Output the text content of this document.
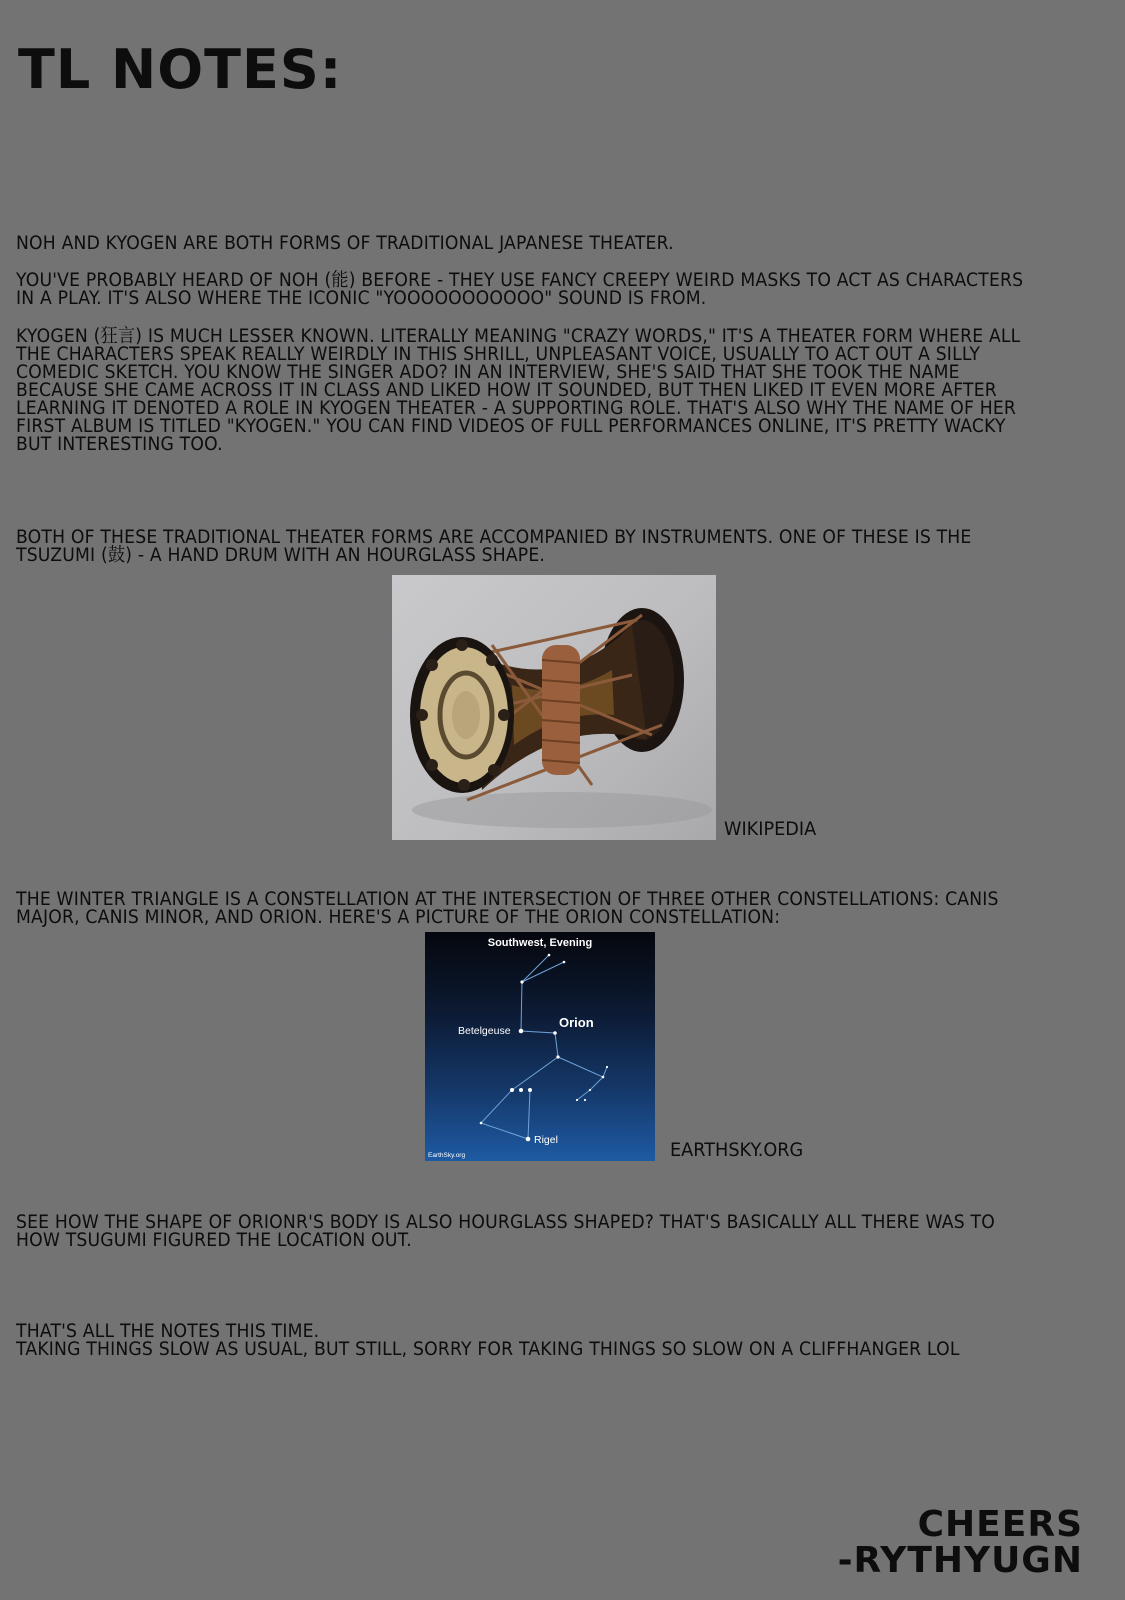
TL NOTES:

NOH AND KYOGEN ARE BOTH FORMS OF TRADITIONAL JAPANESE THEATER.

YOU'VE PROBABLY HEARD OF NOH (能) BEFORE - THEY USE FANCY CREEPY WEIRD MASKS TO ACT AS CHARACTERS IN A PLAY. IT'S ALSO WHERE THE ICONIC "YOOOOOOOOOOO" SOUND IS FROM.

KYOGEN (狂言) IS MUCH LESSER KNOWN. LITERALLY MEANING "CRAZY WORDS," IT'S A THEATER FORM WHERE ALL THE CHARACTERS SPEAK REALLY WEIRDLY IN THIS SHRILL, UNPLEASANT VOICE, USUALLY TO ACT OUT A SILLY COMEDIC SKETCH. YOU KNOW THE SINGER ADO? IN AN INTERVIEW, SHE'S SAID THAT SHE TOOK THE NAME BECAUSE SHE CAME ACROSS IT IN CLASS AND LIKED HOW IT SOUNDED, BUT THEN LIKED IT EVEN MORE AFTER LEARNING IT DENOTED A ROLE IN KYOGEN THEATER - A SUPPORTING ROLE. THAT'S ALSO WHY THE NAME OF HER FIRST ALBUM IS TITLED "KYOGEN." YOU CAN FIND VIDEOS OF FULL PERFORMANCES ONLINE, IT'S PRETTY WACKY BUT INTERESTING TOO.

BOTH OF THESE TRADITIONAL THEATER FORMS ARE ACCOMPANIED BY INSTRUMENTS. ONE OF THESE IS THE TSUZUMI (鼓) - A HAND DRUM WITH AN HOURGLASS SHAPE.

WIKIPEDIA

THE WINTER TRIANGLE IS A CONSTELLATION AT THE INTERSECTION OF THREE OTHER CONSTELLATIONS: CANIS MAJOR, CANIS MINOR, AND ORION. HERE'S A PICTURE OF THE ORION CONSTELLATION:

Southwest, Evening
Betelgeuse
Orion
Rigel
EarthSky.org	EARTHSKY.ORG

SEE HOW THE SHAPE OF ORIONR'S BODY IS ALSO HOURGLASS SHAPED? THAT'S BASICALLY ALL THERE WAS TO HOW TSUGUMI FIGURED THE LOCATION OUT.

THAT'S ALL THE NOTES THIS TIME.

TAKING THINGS SLOW AS USUAL, BUT STILL, SORRY FOR TAKING THINGS SO SLOW ON A CLIFFHANGER LOL

CHEERS
-RYTHYUGN
